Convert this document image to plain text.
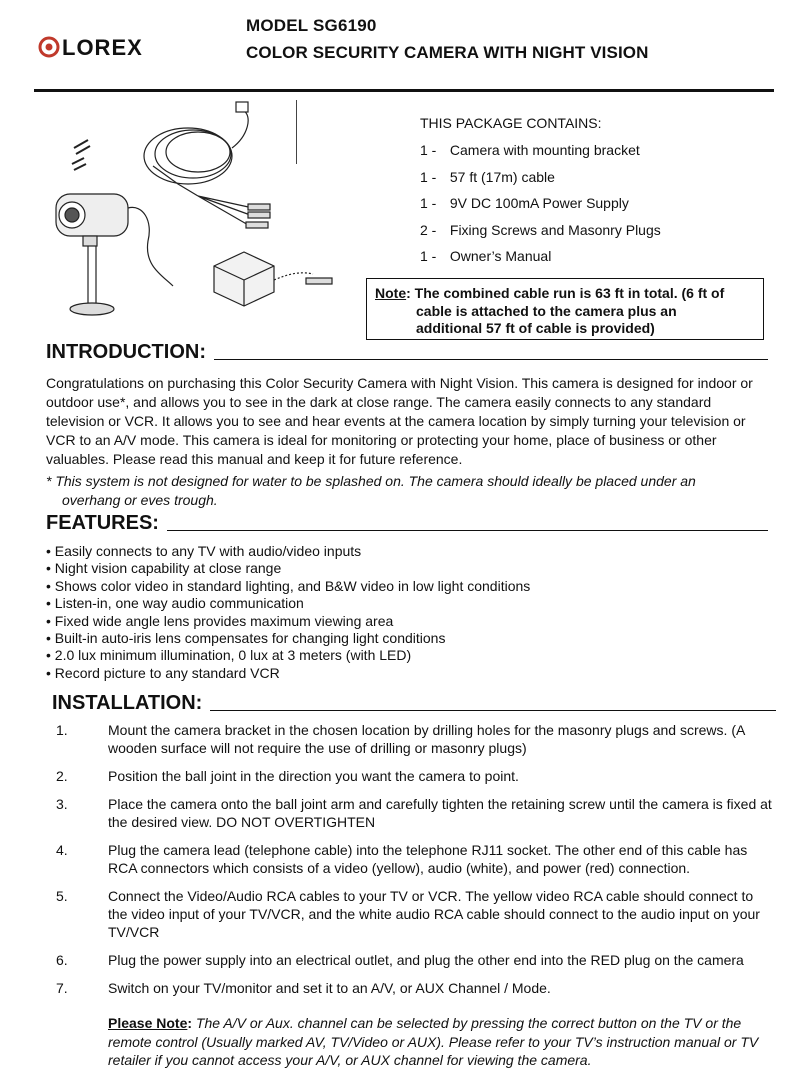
LOREX
MODEL SG6190
COLOR SECURITY CAMERA WITH NIGHT VISION
THIS PACKAGE CONTAINS:
1 - Camera with mounting bracket
1 - 57 ft (17m) cable
1 - 9V DC 100mA Power Supply
2 - Fixing Screws and Masonry Plugs
1 - Owner’s Manual
Note : The combined cable run is 63 ft in total. (6 ft of
cable is attached to the camera plus an
additional 57 ft of cable is provided)
INTRODUCTION:
Congratulations on purchasing this Color Security Camera with Night Vision. This camera is designed for indoor or outdoor use*, and allows you to see in the dark at close range. The camera easily connects to any standard television or VCR. It allows you to see and hear events at the camera location by simply turning your television or VCR to an A/V mode. This camera is ideal for monitoring or protecting your home, place of business or other valuables. Please read this manual and keep it for future reference.
* This system is not designed for water to be splashed on. The camera should ideally be placed under an
overhang or eves trough.
FEATURES:
• Easily connects to any TV with audio/video inputs
• Night vision capability at close range
• Shows color video in standard lighting, and B&W video in low light conditions
• Listen-in, one way audio communication
• Fixed wide angle lens provides maximum viewing area
• Built-in auto-iris lens compensates for changing light conditions
• 2.0 lux minimum illumination, 0 lux at 3 meters (with LED)
• Record picture to any standard VCR
INSTALLATION:
1.	Mount the camera bracket in the chosen location by drilling holes for the masonry plugs and screws. (A wooden surface will not require the use of drilling or masonry plugs)
2.	Position the ball joint in the direction you want the camera to point.
3.	Place the camera onto the ball joint arm and carefully tighten the retaining screw until the camera is fixed at the desired view. DO NOT OVERTIGHTEN
4.	Plug the camera lead (telephone cable) into the telephone RJ11 socket. The other end of this cable has RCA connectors which consists of a video (yellow), audio (white), and power (red) connection.
5.	Connect the Video/Audio RCA cables to your TV or VCR. The yellow video RCA cable should connect to the video input of your TV/VCR, and the white audio RCA cable should connect to the audio input on your TV/VCR
6.	Plug the power supply into an electrical outlet, and plug the other end into the RED plug on the camera
7.	Switch on your TV/monitor and set it to an A/V, or AUX Channel / Mode.
Please Note: The A/V or Aux. channel can be selected by pressing the correct button on the TV or the remote control (Usually marked AV, TV/Video or AUX). Please refer to your TV’s instruction manual or TV retailer if you cannot access your A/V, or AUX channel for viewing the camera.
